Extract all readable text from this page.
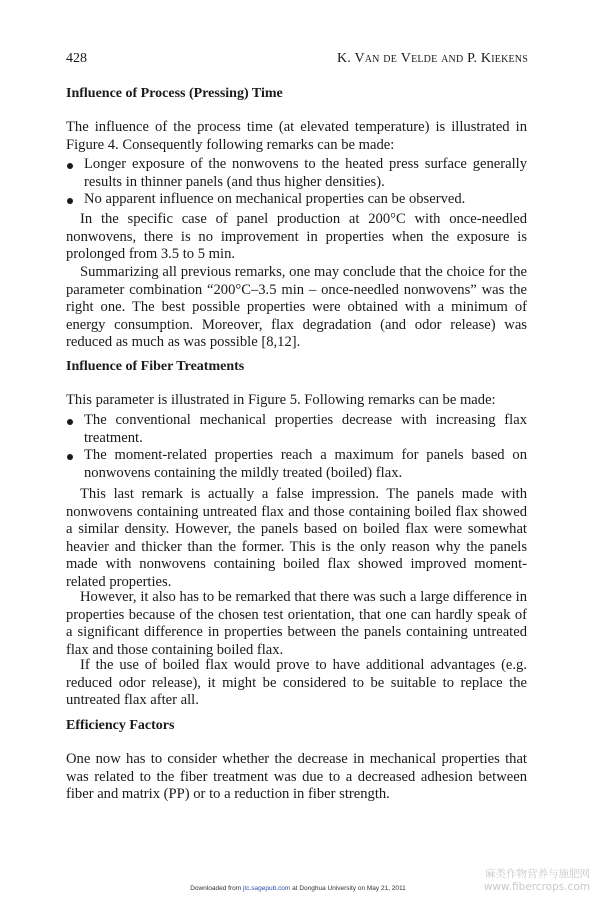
428	K. Van de Velde and P. Kiekens
Influence of Process (Pressing) Time
The influence of the process time (at elevated temperature) is illustrated in Figure 4. Consequently following remarks can be made:
Longer exposure of the nonwovens to the heated press surface generally results in thinner panels (and thus higher densities).
No apparent influence on mechanical properties can be observed.
In the specific case of panel production at 200°C with once-needled nonwovens, there is no improvement in properties when the exposure is prolonged from 3.5 to 5 min.
Summarizing all previous remarks, one may conclude that the choice for the parameter combination “200°C–3.5 min – once-needled nonwovens” was the right one. The best possible properties were obtained with a minimum of energy consumption. Moreover, flax degradation (and odor release) was reduced as much as was possible [8,12].
Influence of Fiber Treatments
This parameter is illustrated in Figure 5. Following remarks can be made:
The conventional mechanical properties decrease with increasing flax treatment.
The moment-related properties reach a maximum for panels based on nonwovens containing the mildly treated (boiled) flax.
This last remark is actually a false impression. The panels made with nonwovens containing untreated flax and those containing boiled flax showed a similar density. However, the panels based on boiled flax were somewhat heavier and thicker than the former. This is the only reason why the panels made with nonwovens containing boiled flax showed improved moment-related properties.
However, it also has to be remarked that there was such a large difference in properties because of the chosen test orientation, that one can hardly speak of a significant difference in properties between the panels containing untreated flax and those containing boiled flax.
If the use of boiled flax would prove to have additional advantages (e.g. reduced odor release), it might be considered to be suitable to replace the untreated flax after all.
Efficiency Factors
One now has to consider whether the decrease in mechanical properties that was related to the fiber treatment was due to a decreased adhesion between fiber and matrix (PP) or to a reduction in fiber strength.
Downloaded from jtc.sagepub.com at Donghua University on May 21, 2011
麻类作物营养与施肥网
www.fibercrops.com
